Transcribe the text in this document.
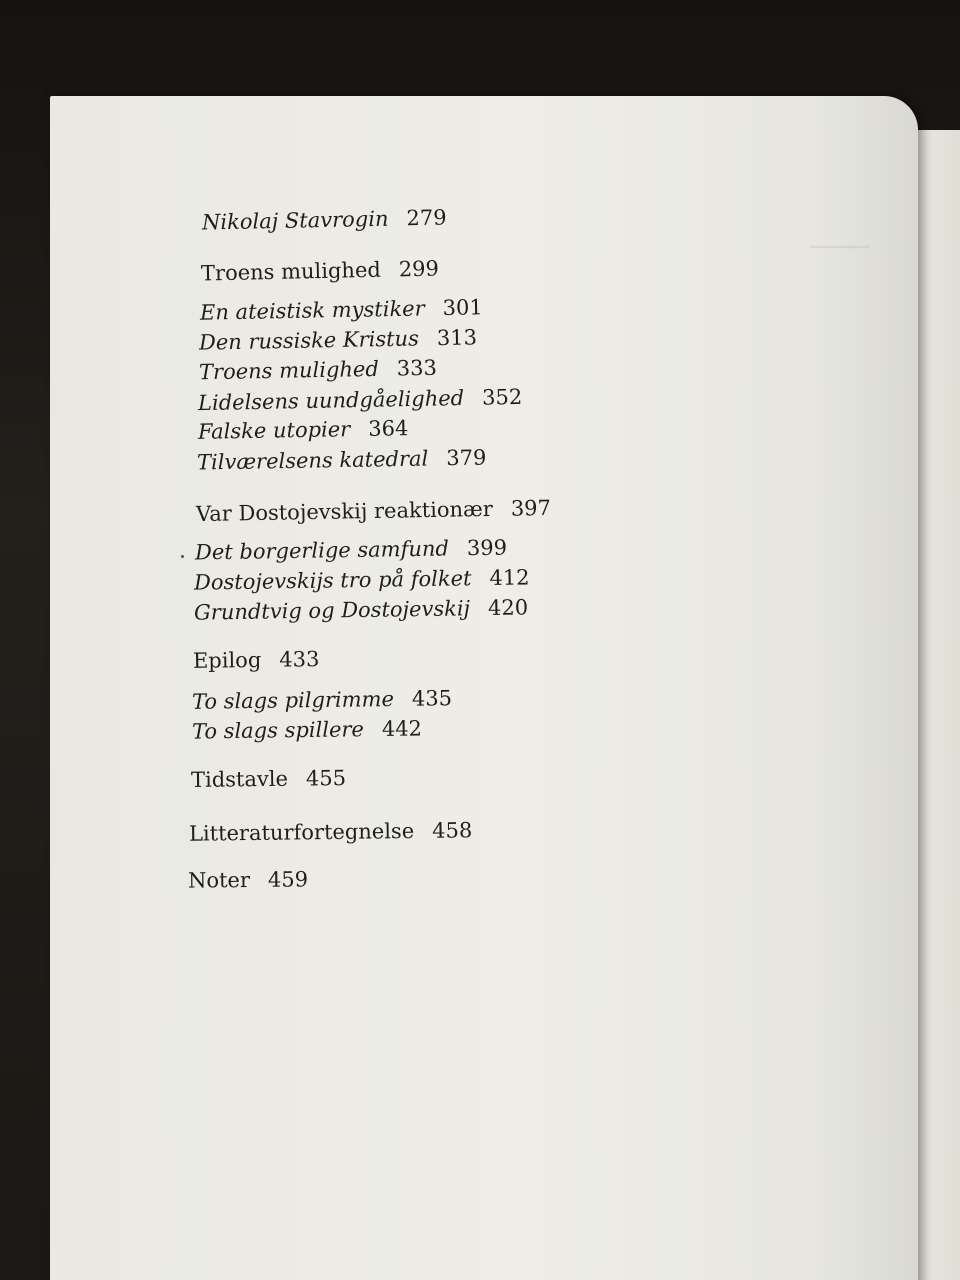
Nikolaj Stavrogin 279
Troens mulighed 299
En ateistisk mystiker 301
Den russiske Kristus 313
Troens mulighed 333
Lidelsens uundgåelighed 352
Falske utopier 364
Tilværelsens katedral 379
Var Dostojevskij reaktionær 397
Det borgerlige samfund 399
Dostojevskijs tro på folket 412
Grundtvig og Dostojevskij 420
Epilog 433
To slags pilgrimme 435
To slags spillere 442
Tidstavle 455
Litteraturfortegnelse 458
Noter 459
